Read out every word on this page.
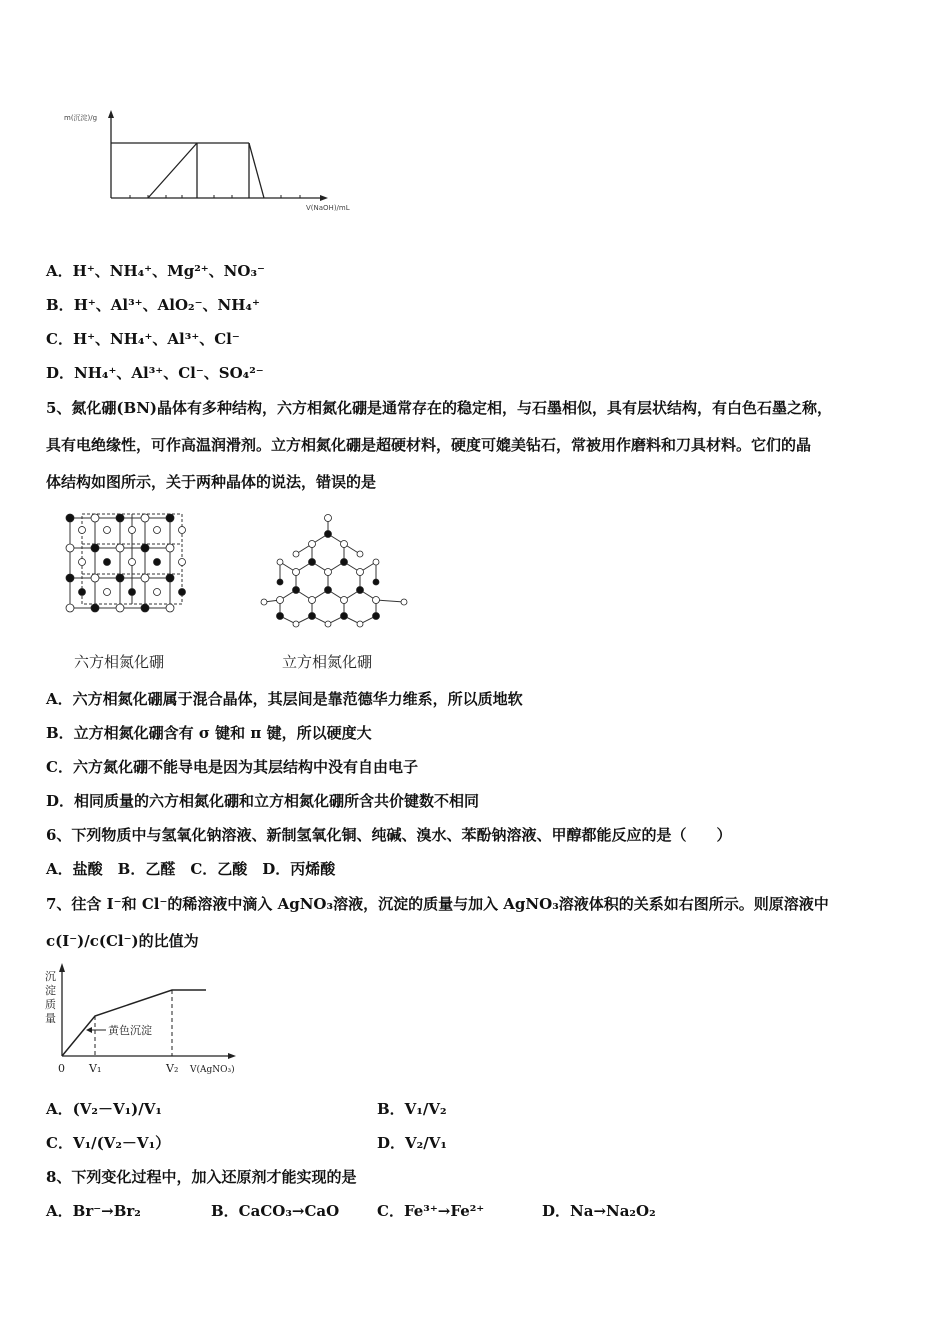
m(沉淀)/g
V(NaOH)/mL
A．H⁺、NH₄⁺、Mg²⁺、NO₃⁻
B．H⁺、Al³⁺、AlO₂⁻、NH₄⁺
C．H⁺、NH₄⁺、Al³⁺、Cl⁻
D．NH₄⁺、Al³⁺、Cl⁻、SO₄²⁻
5、氮化硼(BN)晶体有多种结构，六方相氮化硼是通常存在的稳定相，与石墨相似，具有层状结构，有白色石墨之称，
具有电绝缘性，可作高温润滑剂。立方相氮化硼是超硬材料，硬度可媲美钻石，常被用作磨料和刀具材料。它们的晶
体结构如图所示，关于两种晶体的说法，错误的是
六方相氮化硼	立方相氮化硼
A．六方相氮化硼属于混合晶体，其层间是靠范德华力维系，所以质地软
B．立方相氮化硼含有 σ 键和 π 键，所以硬度大
C．六方氮化硼不能导电是因为其层结构中没有自由电子
D．相同质量的六方相氮化硼和立方相氮化硼所含共价键数不相同
6、下列物质中与氢氧化钠溶液、新制氢氧化铜、纯碱、溴水、苯酚钠溶液、甲醇都能反应的是（　　）
A．盐酸　B．乙醛　C．乙酸　D．丙烯酸
7、往含 I⁻和 Cl⁻的稀溶液中滴入 AgNO₃溶液，沉淀的质量与加入 AgNO₃溶液体积的关系如右图所示。则原溶液中
c(I⁻)/c(Cl⁻)的比值为
沉淀质量
黄色沉淀
0 V₁	V₂ V(AgNO₃)
A．(V₂－V₁)/V₁	B．V₁/V₂
C．V₁/(V₂－V₁）	D．V₂/V₁
8、下列变化过程中，加入还原剂才能实现的是
A．Br⁻→Br₂	B．CaCO₃→CaO	C．Fe³⁺→Fe²⁺	D．Na→Na₂O₂
